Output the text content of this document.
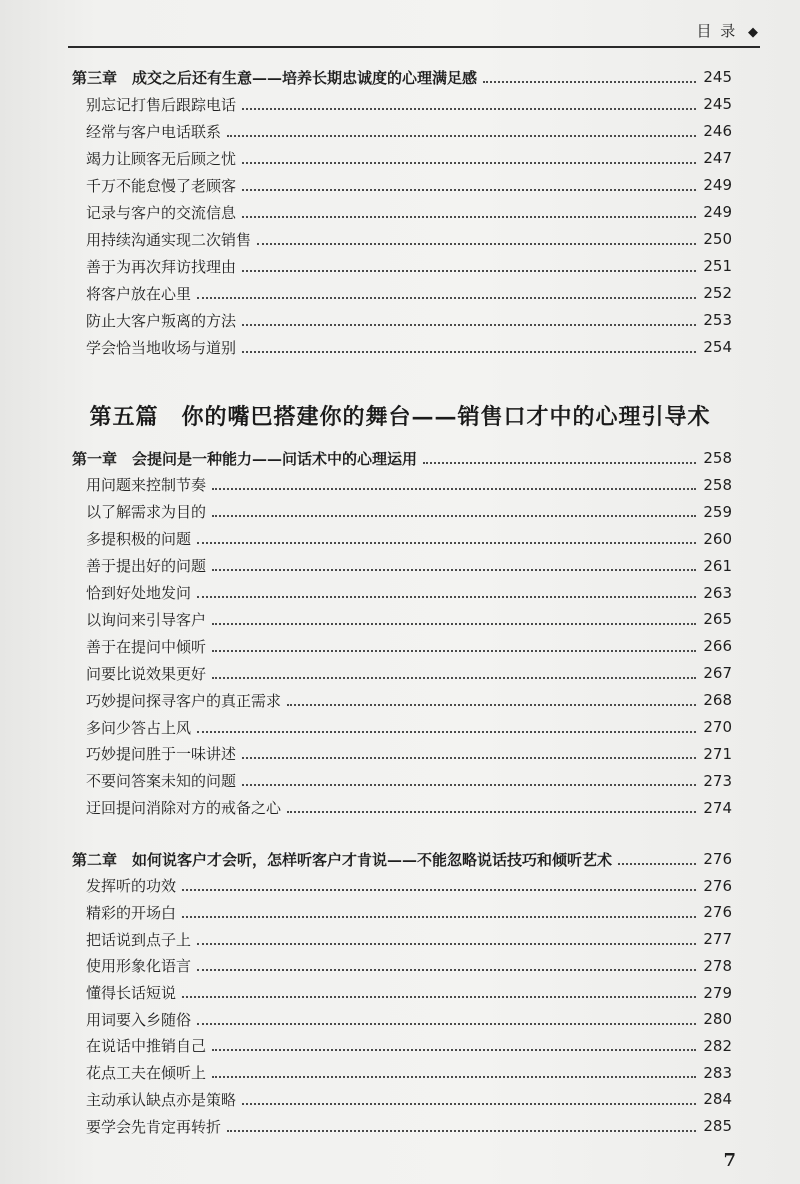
目 录 ◆
第三章　成交之后还有生意——培养长期忠诚度的心理满足感	245
别忘记打售后跟踪电话	245
经常与客户电话联系	246
竭力让顾客无后顾之忧	247
千万不能怠慢了老顾客	249
记录与客户的交流信息	249
用持续沟通实现二次销售	250
善于为再次拜访找理由	251
将客户放在心里	252
防止大客户叛离的方法	253
学会恰当地收场与道别	254
第一章　会提问是一种能力——问话术中的心理运用	258
用问题来控制节奏	258
以了解需求为目的	259
多提积极的问题	260
善于提出好的问题	261
恰到好处地发问	263
以询问来引导客户	265
善于在提问中倾听	266
问要比说效果更好	267
巧妙提问探寻客户的真正需求	268
多问少答占上风	270
巧妙提问胜于一味讲述	271
不要问答案未知的问题	273
迂回提问消除对方的戒备之心	274
第二章　如何说客户才会听，怎样听客户才肯说——不能忽略说话技巧和倾听艺术	276
发挥听的功效	276
精彩的开场白	276
把话说到点子上	277
使用形象化语言	278
懂得长话短说	279
用词要入乡随俗	280
在说话中推销自己	282
花点工夫在倾听上	283
主动承认缺点亦是策略	284
要学会先肯定再转折	285
第五篇　你的嘴巴搭建你的舞台——销售口才中的心理引导术
7
